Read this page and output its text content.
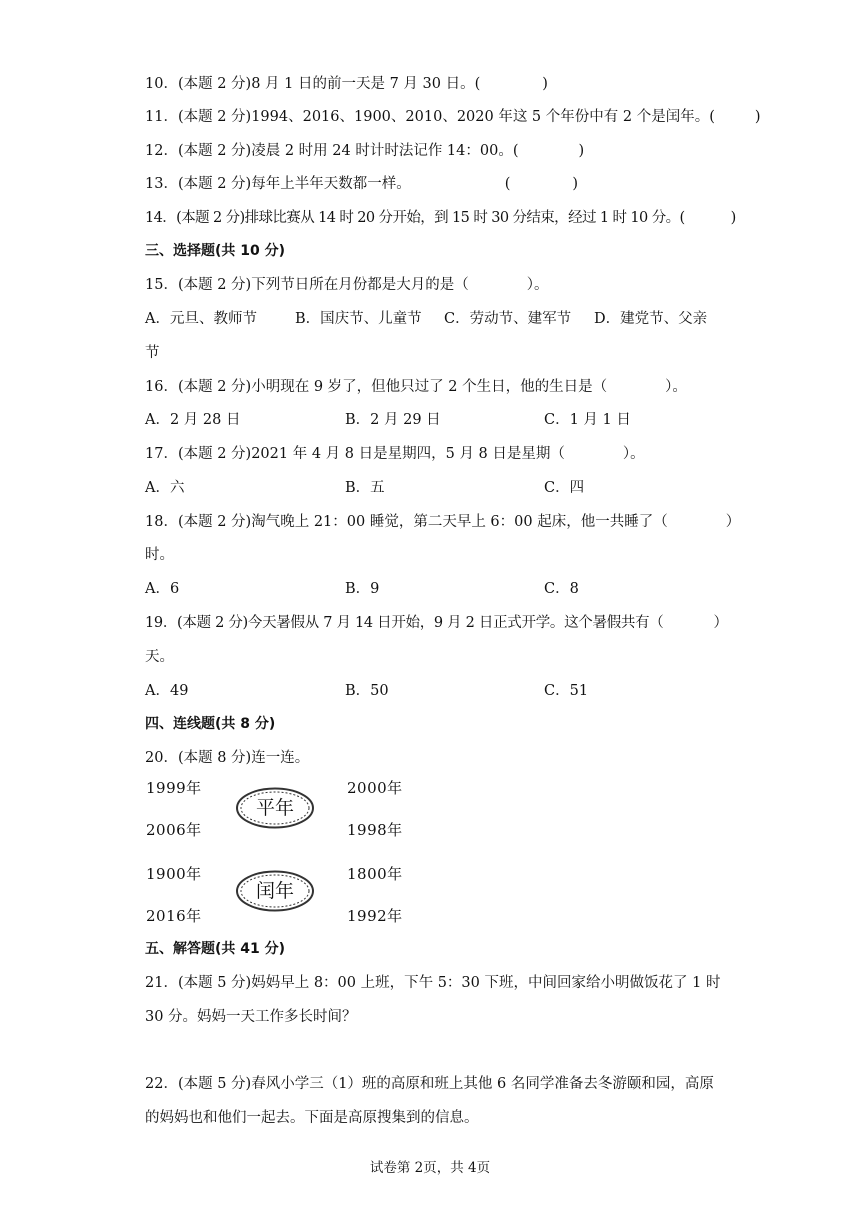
10．(本题 2 分)8 月 1 日的前一天是 7 月 30 日。(	)
11．(本题 2 分)1994、2016、1900、2010、2020 年这 5 个年份中有 2 个是闰年。(	)
12．(本题 2 分)凌晨 2 时用 24 时计时法记作 14：00。(	)
13．(本题 2 分)每年上半年天数都一样。	(	)
14．(本题 2 分)排球比赛从 14 时 20 分开始，到 15 时 30 分结束，经过 1 时 10 分。(	)
三、选择题(共 10 分)
15．(本题 2 分)下列节日所在月份都是大月的是（	）。
A．元旦、教师节	B．国庆节、儿童节 C．劳动节、建军节 D．建党节、父亲
节
16．(本题 2 分)小明现在 9 岁了，但他只过了 2 个生日，他的生日是（	）。
A．2 月 28 日	B．2 月 29 日	C．1 月 1 日
17．(本题 2 分)2021 年 4 月 8 日是星期四，5 月 8 日是星期（	）。
A．六	B．五	C．四
18．(本题 2 分)淘气晚上 21：00 睡觉，第二天早上 6：00 起床，他一共睡了（	）
时。
A．6	B．9	C．8
19．(本题 2 分)今天暑假从 7 月 14 日开始，9 月 2 日正式开学。这个暑假共有（	）
天。
A．49	B．50	C．51
四、连线题(共 8 分)
20．(本题 8 分)连一连。
1999年
2006年
1900年
2016年
2000年
1998年
1800年
1992年
平年
闰年
五、解答题(共 41 分)
21．(本题 5 分)妈妈早上 8：00 上班，下午 5：30 下班，中间回家给小明做饭花了 1 时
30 分。妈妈一天工作多长时间？
22．(本题 5 分)春风小学三（1）班的高原和班上其他 6 名同学准备去冬游颐和园，高原
的妈妈也和他们一起去。下面是高原搜集到的信息。
试卷第 2页，共 4页
